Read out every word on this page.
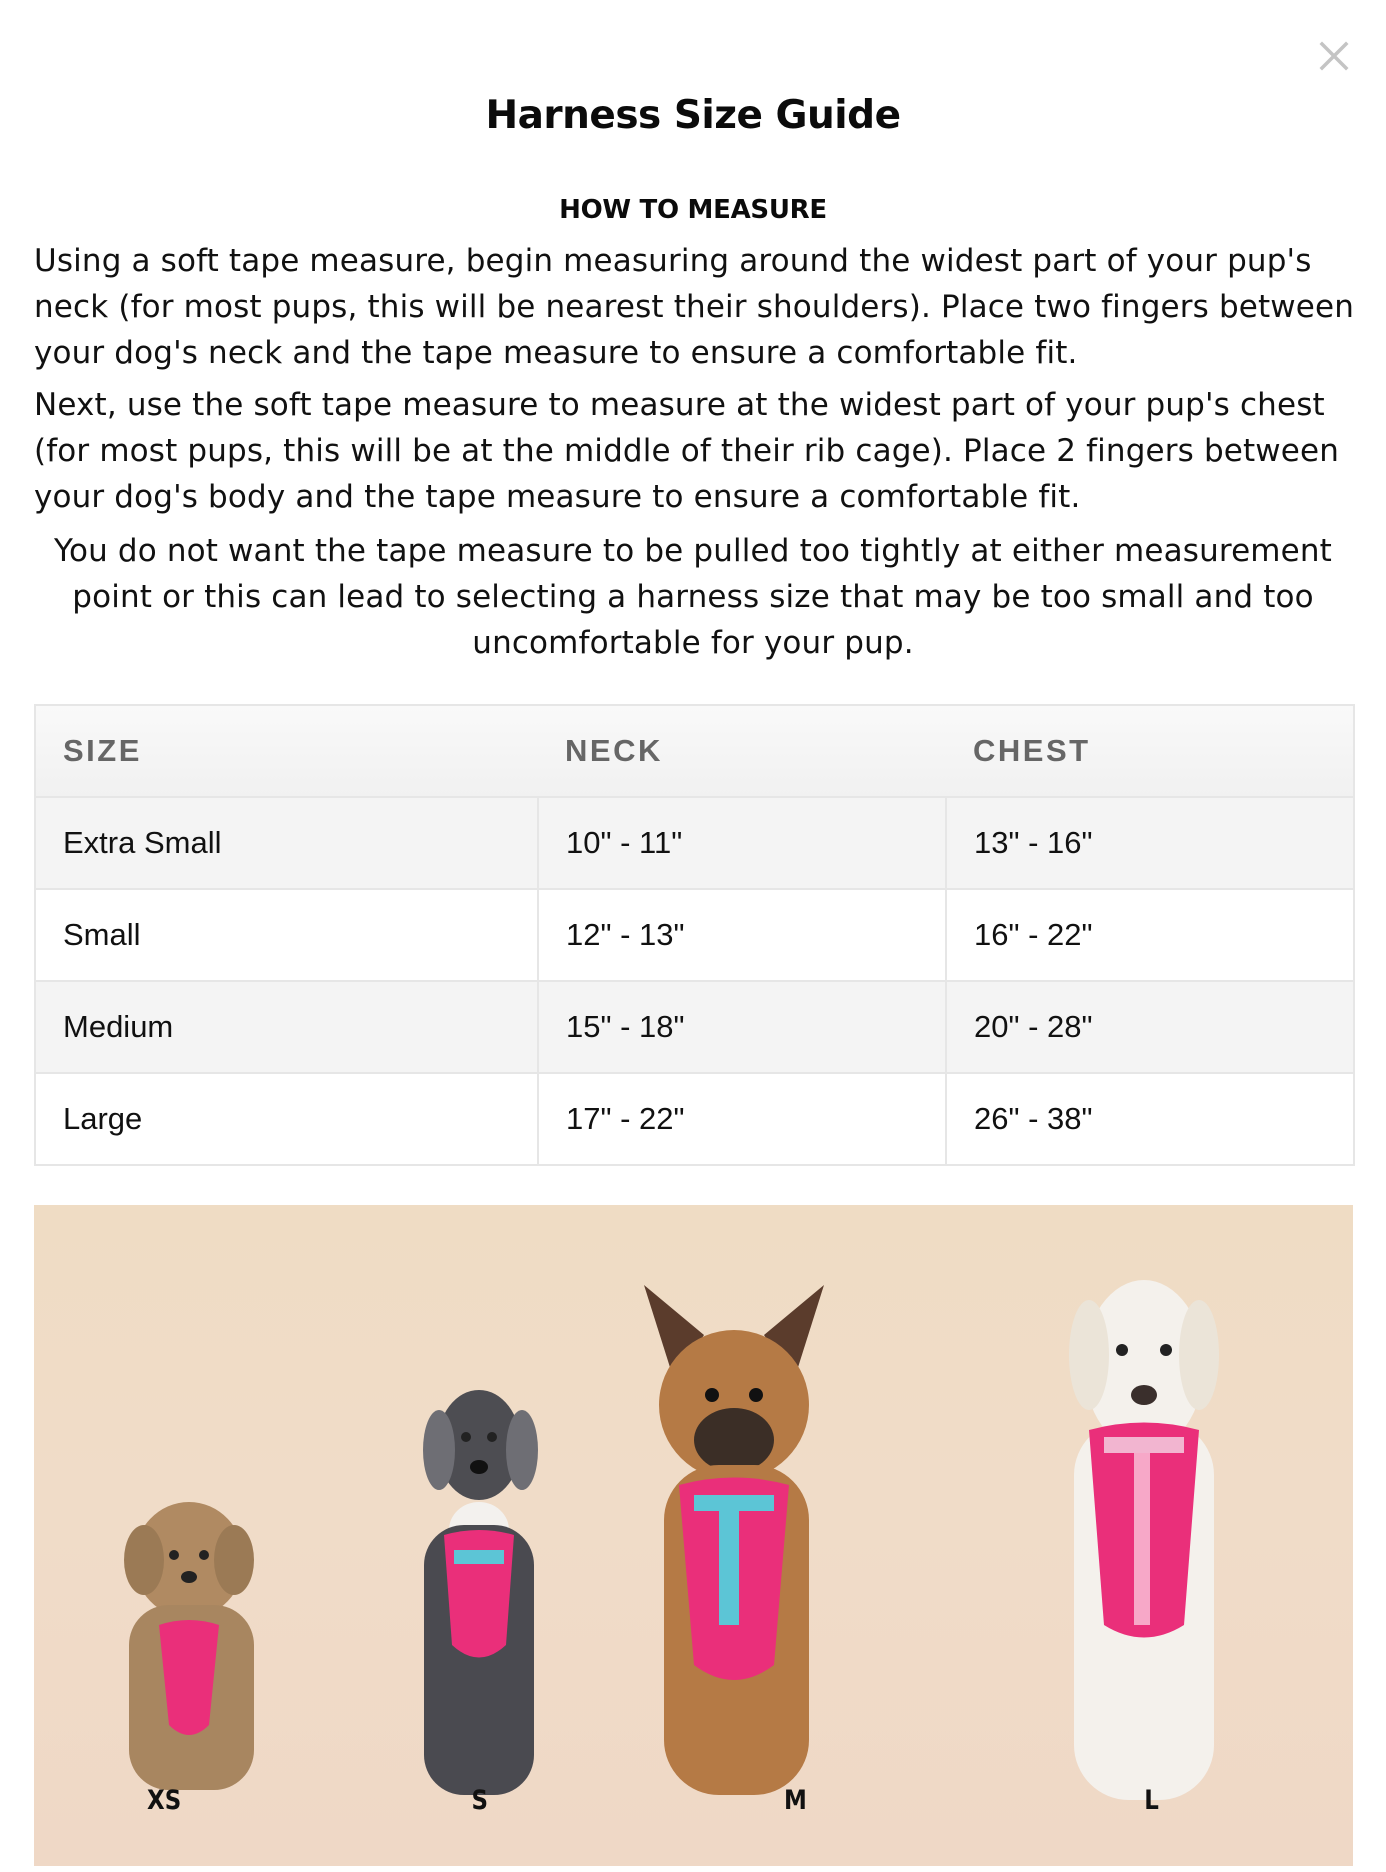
Harness Size Guide
HOW TO MEASURE

Using a soft tape measure, begin measuring around the widest part of your pup's neck (for most pups, this will be nearest their shoulders). Place two fingers between your dog's neck and the tape measure to ensure a comfortable fit.

Next, use the soft tape measure to measure at the widest part of your pup's chest (for most pups, this will be at the middle of their rib cage). Place 2 fingers between your dog's body and the tape measure to ensure a comfortable fit.

You do not want the tape measure to be pulled too tightly at either measurement point or this can lead to selecting a harness size that may be too small and too uncomfortable for your pup.

SIZE	NECK	CHEST
Extra Small	10" - 11"	13" - 16"
Small	12" - 13"	16" - 22"
Medium	15" - 18"	20" - 28"
Large	17" - 22"	26" - 38"
XS	S	M	L
